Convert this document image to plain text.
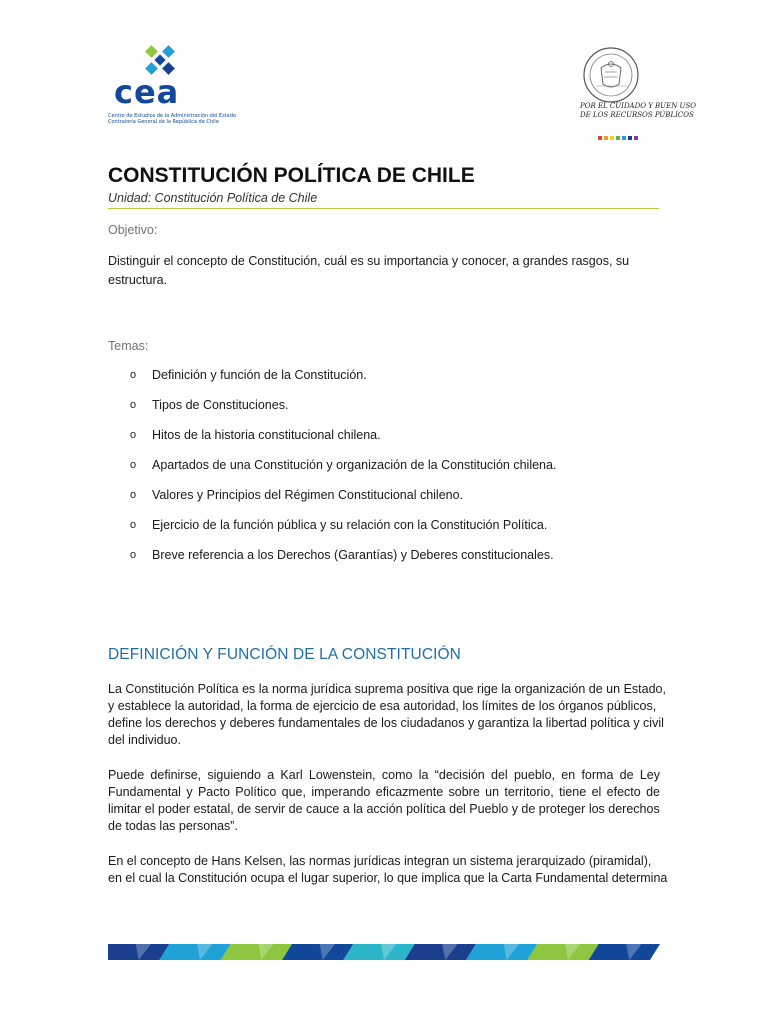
cea
Centro de Estudios de la Administración del Estado
Contraloría General de la República de Chile
POR EL CUIDADO Y BUEN USO
DE LOS RECURSOS PÚBLICOS
CONSTITUCIÓN POLÍTICA DE CHILE
Unidad: Constitución Política de Chile
Objetivo:
Distinguir el concepto de Constitución, cuál es su importancia y conocer, a grandes rasgos, su
estructura.
Temas:
o Definición y función de la Constitución.
o Tipos de Constituciones.
o Hitos de la historia constitucional chilena.
o Apartados de una Constitución y organización de la Constitución chilena.
o Valores y Principios del Régimen Constitucional chileno.
o Ejercicio de la función pública y su relación con la Constitución Política.
o Breve referencia a los Derechos (Garantías) y Deberes constitucionales.
DEFINICIÓN Y FUNCIÓN DE LA CONSTITUCIÓN
La Constitución Política es la norma jurídica suprema positiva que rige la organización de un Estado,
y establece la autoridad, la forma de ejercicio de esa autoridad, los límites de los órganos públicos,
define los derechos y deberes fundamentales de los ciudadanos y garantiza la libertad política y civil
del individuo.
Puede definirse, siguiendo a Karl Lowenstein, como la “decisión del pueblo, en forma de Ley
Fundamental y Pacto Político que, imperando eficazmente sobre un territorio, tiene el efecto de
limitar el poder estatal, de servir de cauce a la acción política del Pueblo y de proteger los derechos
de todas las personas”.
En el concepto de Hans Kelsen, las normas jurídicas integran un sistema jerarquizado (piramidal),
en el cual la Constitución ocupa el lugar superior, lo que implica que la Carta Fundamental determina
